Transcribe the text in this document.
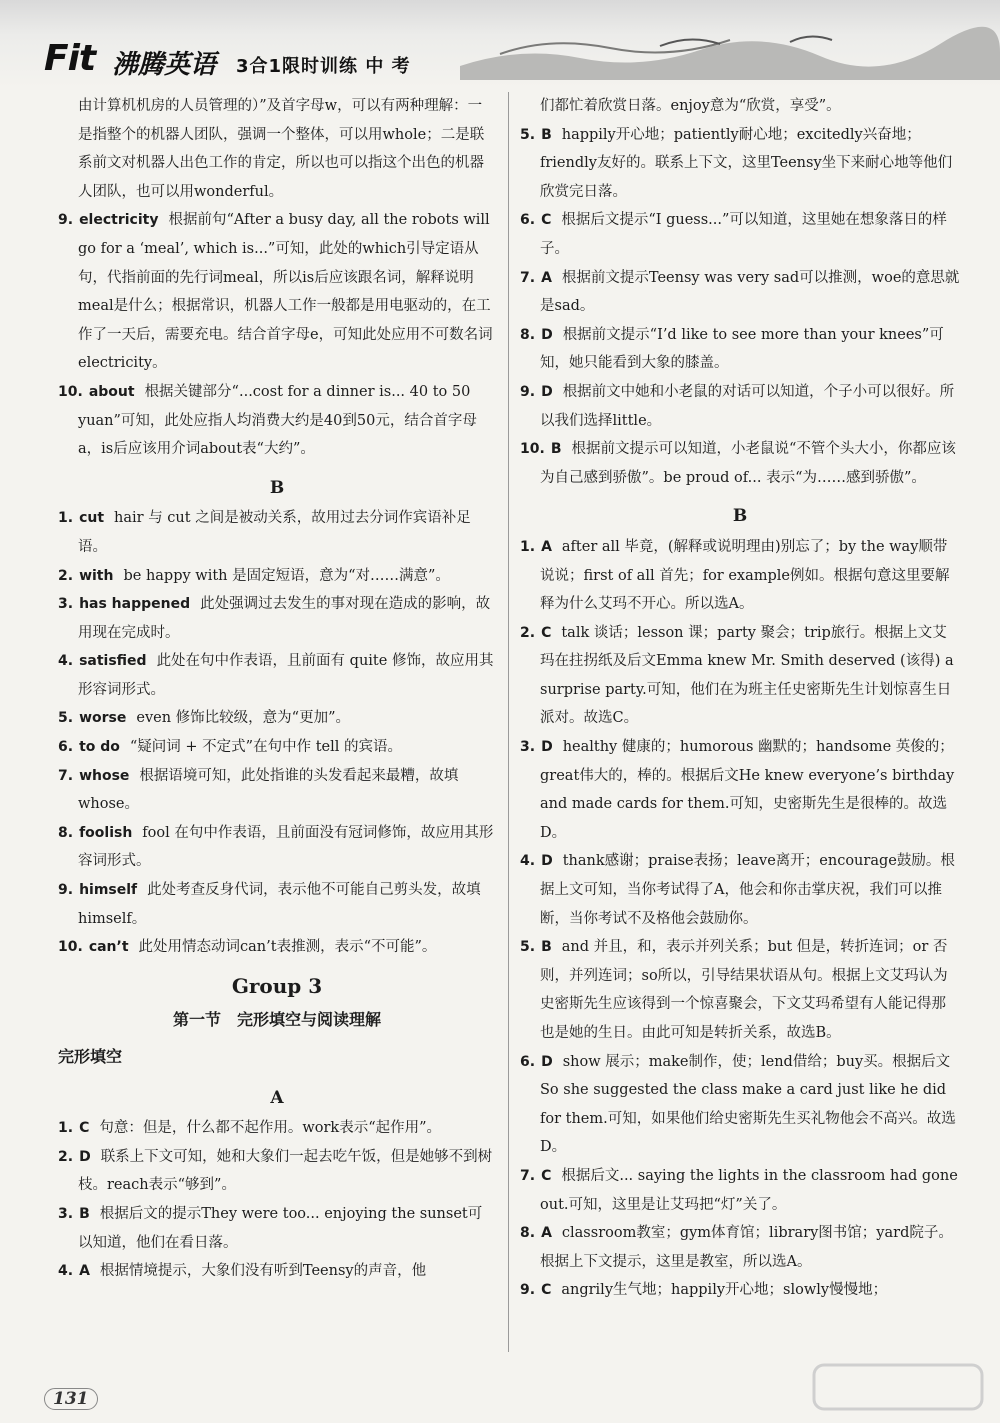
Fit 沸腾英语 3合1限时训练 中 考

由计算机机房的人员管理的）”及首字母w，可以有两种理解：一是指整个的机器人团队，强调一个整体，可以用whole；二是联系前文对机器人出色工作的肯定，所以也可以指这个出色的机器人团队，也可以用wonderful。

9. electricity 根据前句“After a busy day, all the robots will go for a ‘meal’, which is...”可知，此处的which引导定语从句，代指前面的先行词meal，所以is后应该跟名词，解释说明meal是什么；根据常识，机器人工作一般都是用电驱动的，在工作了一天后，需要充电。结合首字母e，可知此处应用不可数名词electricity。

10. about 根据关键部分“...cost for a dinner is... 40 to 50 yuan”可知，此处应指人均消费大约是40到50元，结合首字母a，is后应该用介词about表“大约”。

B

1. cut hair 与 cut 之间是被动关系，故用过去分词作宾语补足语。

2. with be happy with 是固定短语，意为“对……满意”。

3. has happened 此处强调过去发生的事对现在造成的影响，故用现在完成时。

4. satisfied 此处在句中作表语，且前面有 quite 修饰，故应用其形容词形式。

5. worse even 修饰比较级，意为“更加”。

6. to do “疑问词 + 不定式”在句中作 tell 的宾语。

7. whose 根据语境可知，此处指谁的头发看起来最糟，故填 whose。

8. foolish fool 在句中作表语，且前面没有冠词修饰，故应用其形容词形式。

9. himself 此处考查反身代词，表示他不可能自己剪头发，故填 himself。

10. can’t 此处用情态动词can’t表推测，表示“不可能”。

Group 3

第一节　完形填空与阅读理解

完形填空

A

1. C 句意：但是，什么都不起作用。work表示“起作用”。

2. D 联系上下文可知，她和大象们一起去吃午饭，但是她够不到树枝。reach表示“够到”。

3. B 根据后文的提示They were too... enjoying the sunset可以知道，他们在看日落。

4. A 根据情境提示，大象们没有听到Teensy的声音，他

们都忙着欣赏日落。enjoy意为“欣赏，享受”。

5. B happily开心地；patiently耐心地；excitedly兴奋地；friendly友好的。联系上下文，这里Teensy坐下来耐心地等他们欣赏完日落。

6. C 根据后文提示“I guess...”可以知道，这里她在想象落日的样子。

7. A 根据前文提示Teensy was very sad可以推测，woe的意思就是sad。

8. D 根据前文提示“I’d like to see more than your knees”可知，她只能看到大象的膝盖。

9. D 根据前文中她和小老鼠的对话可以知道，个子小可以很好。所以我们选择little。

10. B 根据前文提示可以知道，小老鼠说“不管个头大小，你都应该为自己感到骄傲”。be proud of... 表示“为……感到骄傲”。

B

1. A after all 毕竟，(解释或说明理由)别忘了；by the way顺带说说；first of all 首先；for example例如。根据句意这里要解释为什么艾玛不开心。所以选A。

2. C talk 谈话；lesson 课；party 聚会；trip旅行。根据上文艾玛在拄拐纸及后文Emma knew Mr. Smith deserved (该得) a surprise party.可知，他们在为班主任史密斯先生计划惊喜生日派对。故选C。

3. D healthy 健康的；humorous 幽默的；handsome 英俊的；great伟大的，棒的。根据后文He knew everyone’s birthday and made cards for them.可知，史密斯先生是很棒的。故选D。

4. D thank感谢；praise表扬；leave离开；encourage鼓励。根据上文可知，当你考试得了A，他会和你击掌庆祝，我们可以推断，当你考试不及格他会鼓励你。

5. B and 并且，和，表示并列关系；but 但是，转折连词；or 否则，并列连词；so所以，引导结果状语从句。根据上文艾玛认为史密斯先生应该得到一个惊喜聚会，下文艾玛希望有人能记得那也是她的生日。由此可知是转折关系，故选B。

6. D show 展示；make制作，使；lend借给；buy买。根据后文So she suggested the class make a card just like he did for them.可知，如果他们给史密斯先生买礼物他会不高兴。故选D。

7. C 根据后文... saying the lights in the classroom had gone out.可知，这里是让艾玛把“灯”关了。

8. A classroom教室；gym体育馆；library图书馆；yard院子。根据上下文提示，这里是教室，所以选A。

9. C angrily生气地；happily开心地；slowly慢慢地；

131
